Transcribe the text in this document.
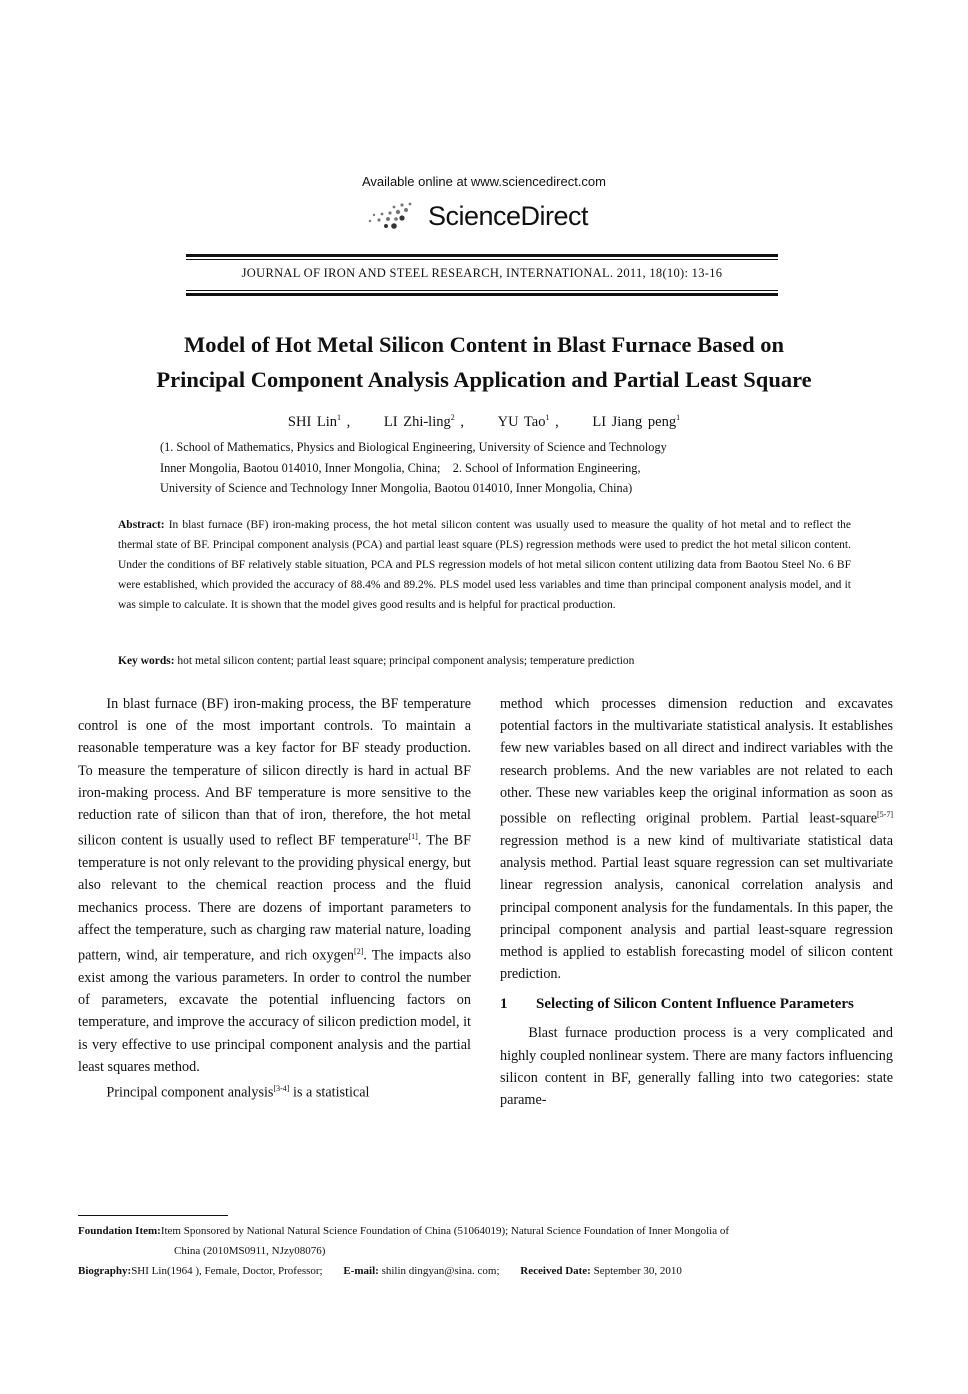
Available online at www.sciencedirect.com
ScienceDirect
JOURNAL OF IRON AND STEEL RESEARCH, INTERNATIONAL. 2011, 18(10): 13-16
Model of Hot Metal Silicon Content in Blast Furnace Based on
Principal Component Analysis Application and Partial Least Square
SHI Lin$^1$ , LI Zhi-ling$^2$ , YU Tao$^1$ , LI Jiang peng$^1$
(1. School of Mathematics, Physics and Biological Engineering, University of Science and Technology
Inner Mongolia, Baotou 014010, Inner Mongolia, China;    2. School of Information Engineering,
University of Science and Technology Inner Mongolia, Baotou 014010, Inner Mongolia, China)
Abstract: In blast furnace (BF) iron-making process, the hot metal silicon content was usually used to measure the quality of hot metal and to reflect the thermal state of BF. Principal component analysis (PCA) and partial least square (PLS) regression methods were used to predict the hot metal silicon content. Under the conditions of BF relatively stable situation, PCA and PLS regression models of hot metal silicon content utilizing data from Baotou Steel No. 6 BF were established, which provided the accuracy of 88.4% and 89.2%. PLS model used less variables and time than principal component analysis model, and it was simple to calculate. It is shown that the model gives good results and is helpful for practical production.
Key words: hot metal silicon content; partial least square; principal component analysis; temperature prediction

In blast furnace (BF) iron-making process, the BF temperature control is one of the most important controls. To maintain a reasonable temperature was a key factor for BF steady production. To measure the temperature of silicon directly is hard in actual BF iron-making process. And BF temperature is more sensitive to the reduction rate of silicon than that of iron, therefore, the hot metal silicon content is usually used to reflect BF temperature[1]. The BF temperature is not only relevant to the providing physical energy, but also relevant to the chemical reaction process and the fluid mechanics process. There are dozens of important parameters to affect the temperature, such as charging raw material nature, loading pattern, wind, air temperature, and rich oxygen[2]. The impacts also exist among the various parameters. In order to control the number of parameters, excavate the potential influencing factors on temperature, and improve the accuracy of silicon prediction model, it is very effective to use principal component analysis and the partial least squares method.

Principal component analysis[3-4] is a statistical

method which processes dimension reduction and excavates potential factors in the multivariate statistical analysis. It establishes few new variables based on all direct and indirect variables with the research problems. And the new variables are not related to each other. These new variables keep the original information as soon as possible on reflecting original problem. Partial least-square[5-7] regression method is a new kind of multivariate statistical data analysis method. Partial least square regression can set multivariate linear regression analysis, canonical correlation analysis and principal component analysis for the fundamentals. In this paper, the principal component analysis and partial least-square regression method is applied to establish forecasting model of silicon content prediction.

1	Selecting of Silicon Content Influence Parameters

Blast furnace production process is a very complicated and highly coupled nonlinear system. There are many factors influencing silicon content in BF, generally falling into two categories: state parame-

Foundation Item:Item Sponsored by National Natural Science Foundation of China (51064019); Natural Science Foundation of Inner Mongolia of
China (2010MS0911, NJzy08076)
Biography:SHI Lin(1964 ), Female, Doctor, Professor; E-mail: shilin dingyan@sina. com; Received Date: September 30, 2010
